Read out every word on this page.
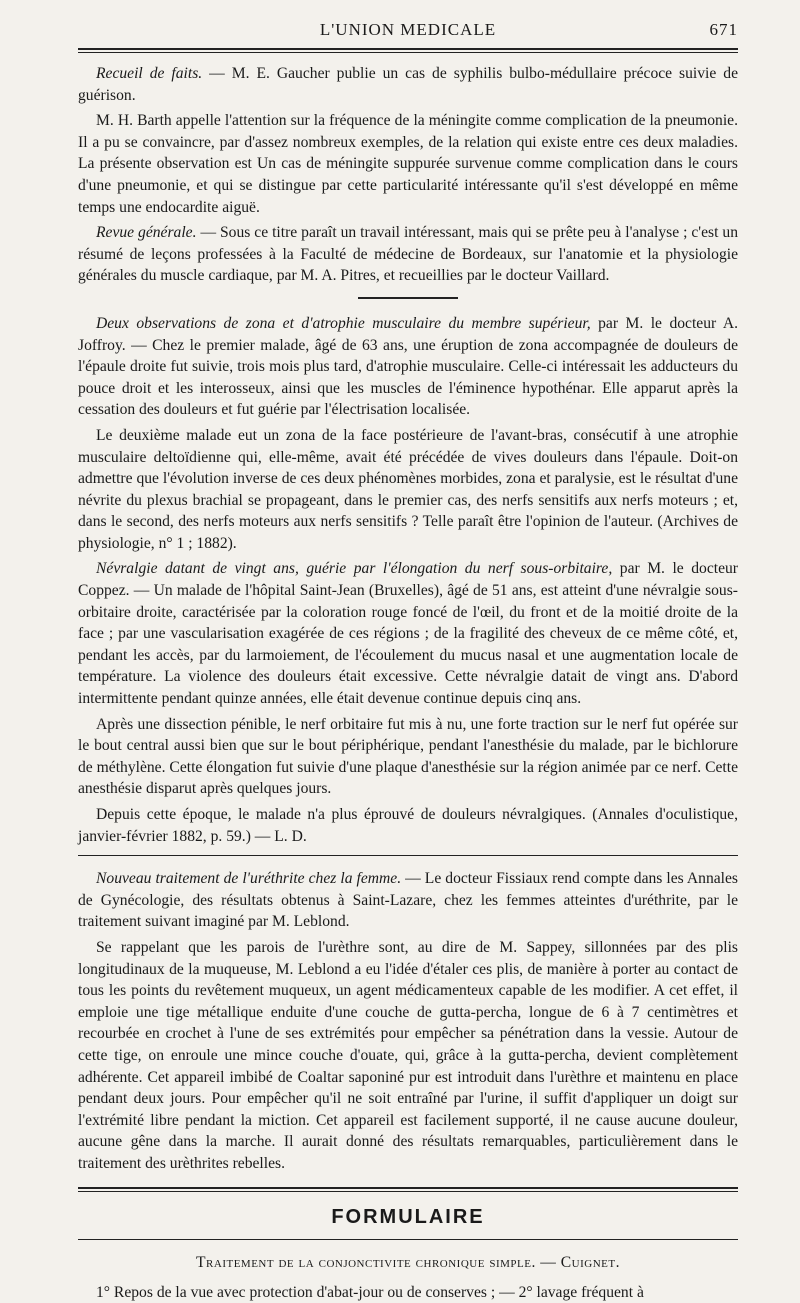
L'UNION MEDICALE	671

Recueil de faits. — M. E. Gaucher publie un cas de syphilis bulbo-médullaire précoce suivie de guérison.

M. H. Barth appelle l'attention sur la fréquence de la méningite comme complication de la pneumonie. Il a pu se convaincre, par d'assez nombreux exemples, de la relation qui existe entre ces deux maladies. La présente observation est Un cas de méningite suppurée survenue comme complication dans le cours d'une pneumonie, et qui se distingue par cette particularité intéressante qu'il s'est développé en même temps une endocardite aiguë.

Revue générale. — Sous ce titre paraît un travail intéressant, mais qui se prête peu à l'analyse ; c'est un résumé de leçons professées à la Faculté de médecine de Bordeaux, sur l'anatomie et la physiologie générales du muscle cardiaque, par M. A. Pitres, et recueillies par le docteur Vaillard.

Deux observations de zona et d'atrophie musculaire du membre supérieur, par M. le docteur A. Joffroy. — Chez le premier malade, âgé de 63 ans, une éruption de zona accompagnée de douleurs de l'épaule droite fut suivie, trois mois plus tard, d'atrophie musculaire. Celle-ci intéressait les adducteurs du pouce droit et les interosseux, ainsi que les muscles de l'éminence hypothénar. Elle apparut après la cessation des douleurs et fut guérie par l'électrisation localisée.

Le deuxième malade eut un zona de la face postérieure de l'avant-bras, consécutif à une atrophie musculaire deltoïdienne qui, elle-même, avait été précédée de vives douleurs dans l'épaule. Doit-on admettre que l'évolution inverse de ces deux phénomènes morbides, zona et paralysie, est le résultat d'une névrite du plexus brachial se propageant, dans le premier cas, des nerfs sensitifs aux nerfs moteurs ; et, dans le second, des nerfs moteurs aux nerfs sensitifs ? Telle paraît être l'opinion de l'auteur. (Archives de physiologie, n° 1 ; 1882).

Névralgie datant de vingt ans, guérie par l'élongation du nerf sous-orbitaire, par M. le docteur Coppez. — Un malade de l'hôpital Saint-Jean (Bruxelles), âgé de 51 ans, est atteint d'une névralgie sous-orbitaire droite, caractérisée par la coloration rouge foncé de l'œil, du front et de la moitié droite de la face ; par une vascularisation exagérée de ces régions ; de la fragilité des cheveux de ce même côté, et, pendant les accès, par du larmoiement, de l'écoulement du mucus nasal et une augmentation locale de température. La violence des douleurs était excessive. Cette névralgie datait de vingt ans. D'abord intermittente pendant quinze années, elle était devenue continue depuis cinq ans.

Après une dissection pénible, le nerf orbitaire fut mis à nu, une forte traction sur le nerf fut opérée sur le bout central aussi bien que sur le bout périphérique, pendant l'anesthésie du malade, par le bichlorure de méthylène. Cette élongation fut suivie d'une plaque d'anesthésie sur la région animée par ce nerf. Cette anesthésie disparut après quelques jours.

Depuis cette époque, le malade n'a plus éprouvé de douleurs névralgiques. (Annales d'oculistique, janvier-février 1882, p. 59.) — L. D.

Nouveau traitement de l'uréthrite chez la femme. — Le docteur Fissiaux rend compte dans les Annales de Gynécologie, des résultats obtenus à Saint-Lazare, chez les femmes atteintes d'uréthrite, par le traitement suivant imaginé par M. Leblond.

Se rappelant que les parois de l'urèthre sont, au dire de M. Sappey, sillonnées par des plis longitudinaux de la muqueuse, M. Leblond a eu l'idée d'étaler ces plis, de manière à porter au contact de tous les points du revêtement muqueux, un agent médicamenteux capable de les modifier. A cet effet, il emploie une tige métallique enduite d'une couche de gutta-percha, longue de 6 à 7 centimètres et recourbée en crochet à l'une de ses extrémités pour empêcher sa pénétration dans la vessie. Autour de cette tige, on enroule une mince couche d'ouate, qui, grâce à la gutta-percha, devient complètement adhérente. Cet appareil imbibé de Coaltar saponiné pur est introduit dans l'urèthre et maintenu en place pendant deux jours. Pour empêcher qu'il ne soit entraîné par l'urine, il suffit d'appliquer un doigt sur l'extrémité libre pendant la miction. Cet appareil est facilement supporté, il ne cause aucune douleur, aucune gêne dans la marche. Il aurait donné des résultats remarquables, particulièrement dans le traitement des urèthrites rebelles.

FORMULAIRE
Traitement de la conjonctivite chronique simple. — Cuignet.

1° Repos de la vue avec protection d'abat-jour ou de conserves ; — 2° lavage fréquent à
